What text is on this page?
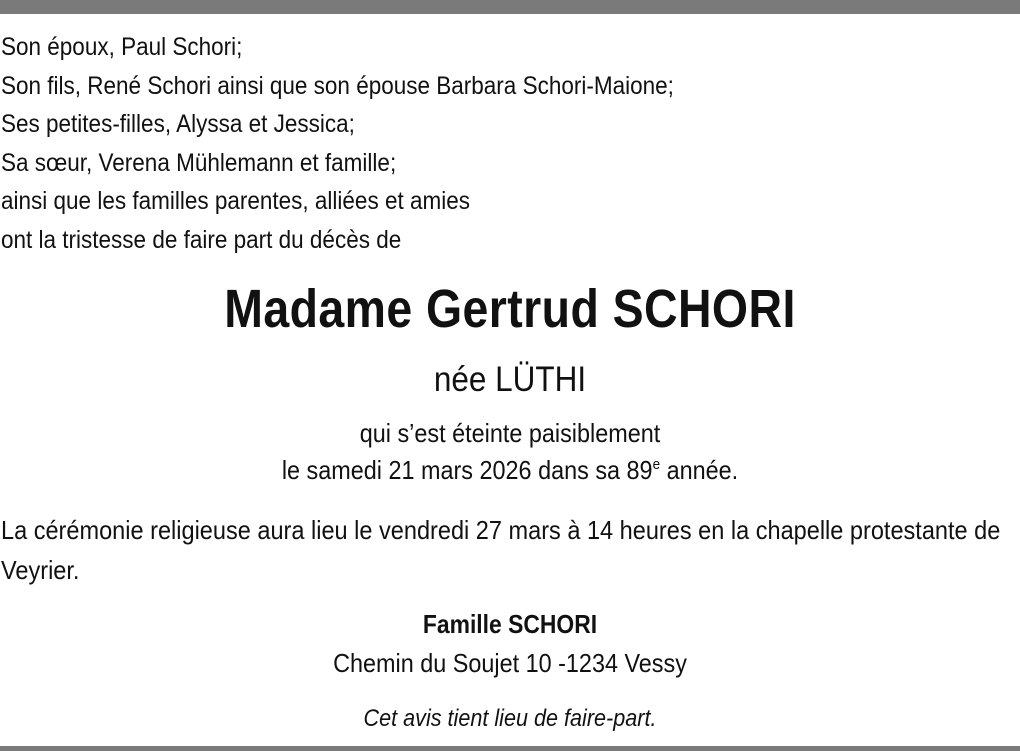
Son époux, Paul Schori;
Son fils, René Schori ainsi que son épouse Barbara Schori-Maione;
Ses petites-filles, Alyssa et Jessica;
Sa sœur, Verena Mühlemann et famille;
ainsi que les familles parentes, alliées et amies
ont la tristesse de faire part du décès de
Madame Gertrud SCHORI
née LÜTHI
qui s’est éteinte paisiblement
le samedi 21 mars 2026 dans sa 89e année.
La cérémonie religieuse aura lieu le vendredi 27 mars à 14 heures en la chapelle protestante de Veyrier.
Famille SCHORI
Chemin du Soujet 10 -1234 Vessy
Cet avis tient lieu de faire-part.
